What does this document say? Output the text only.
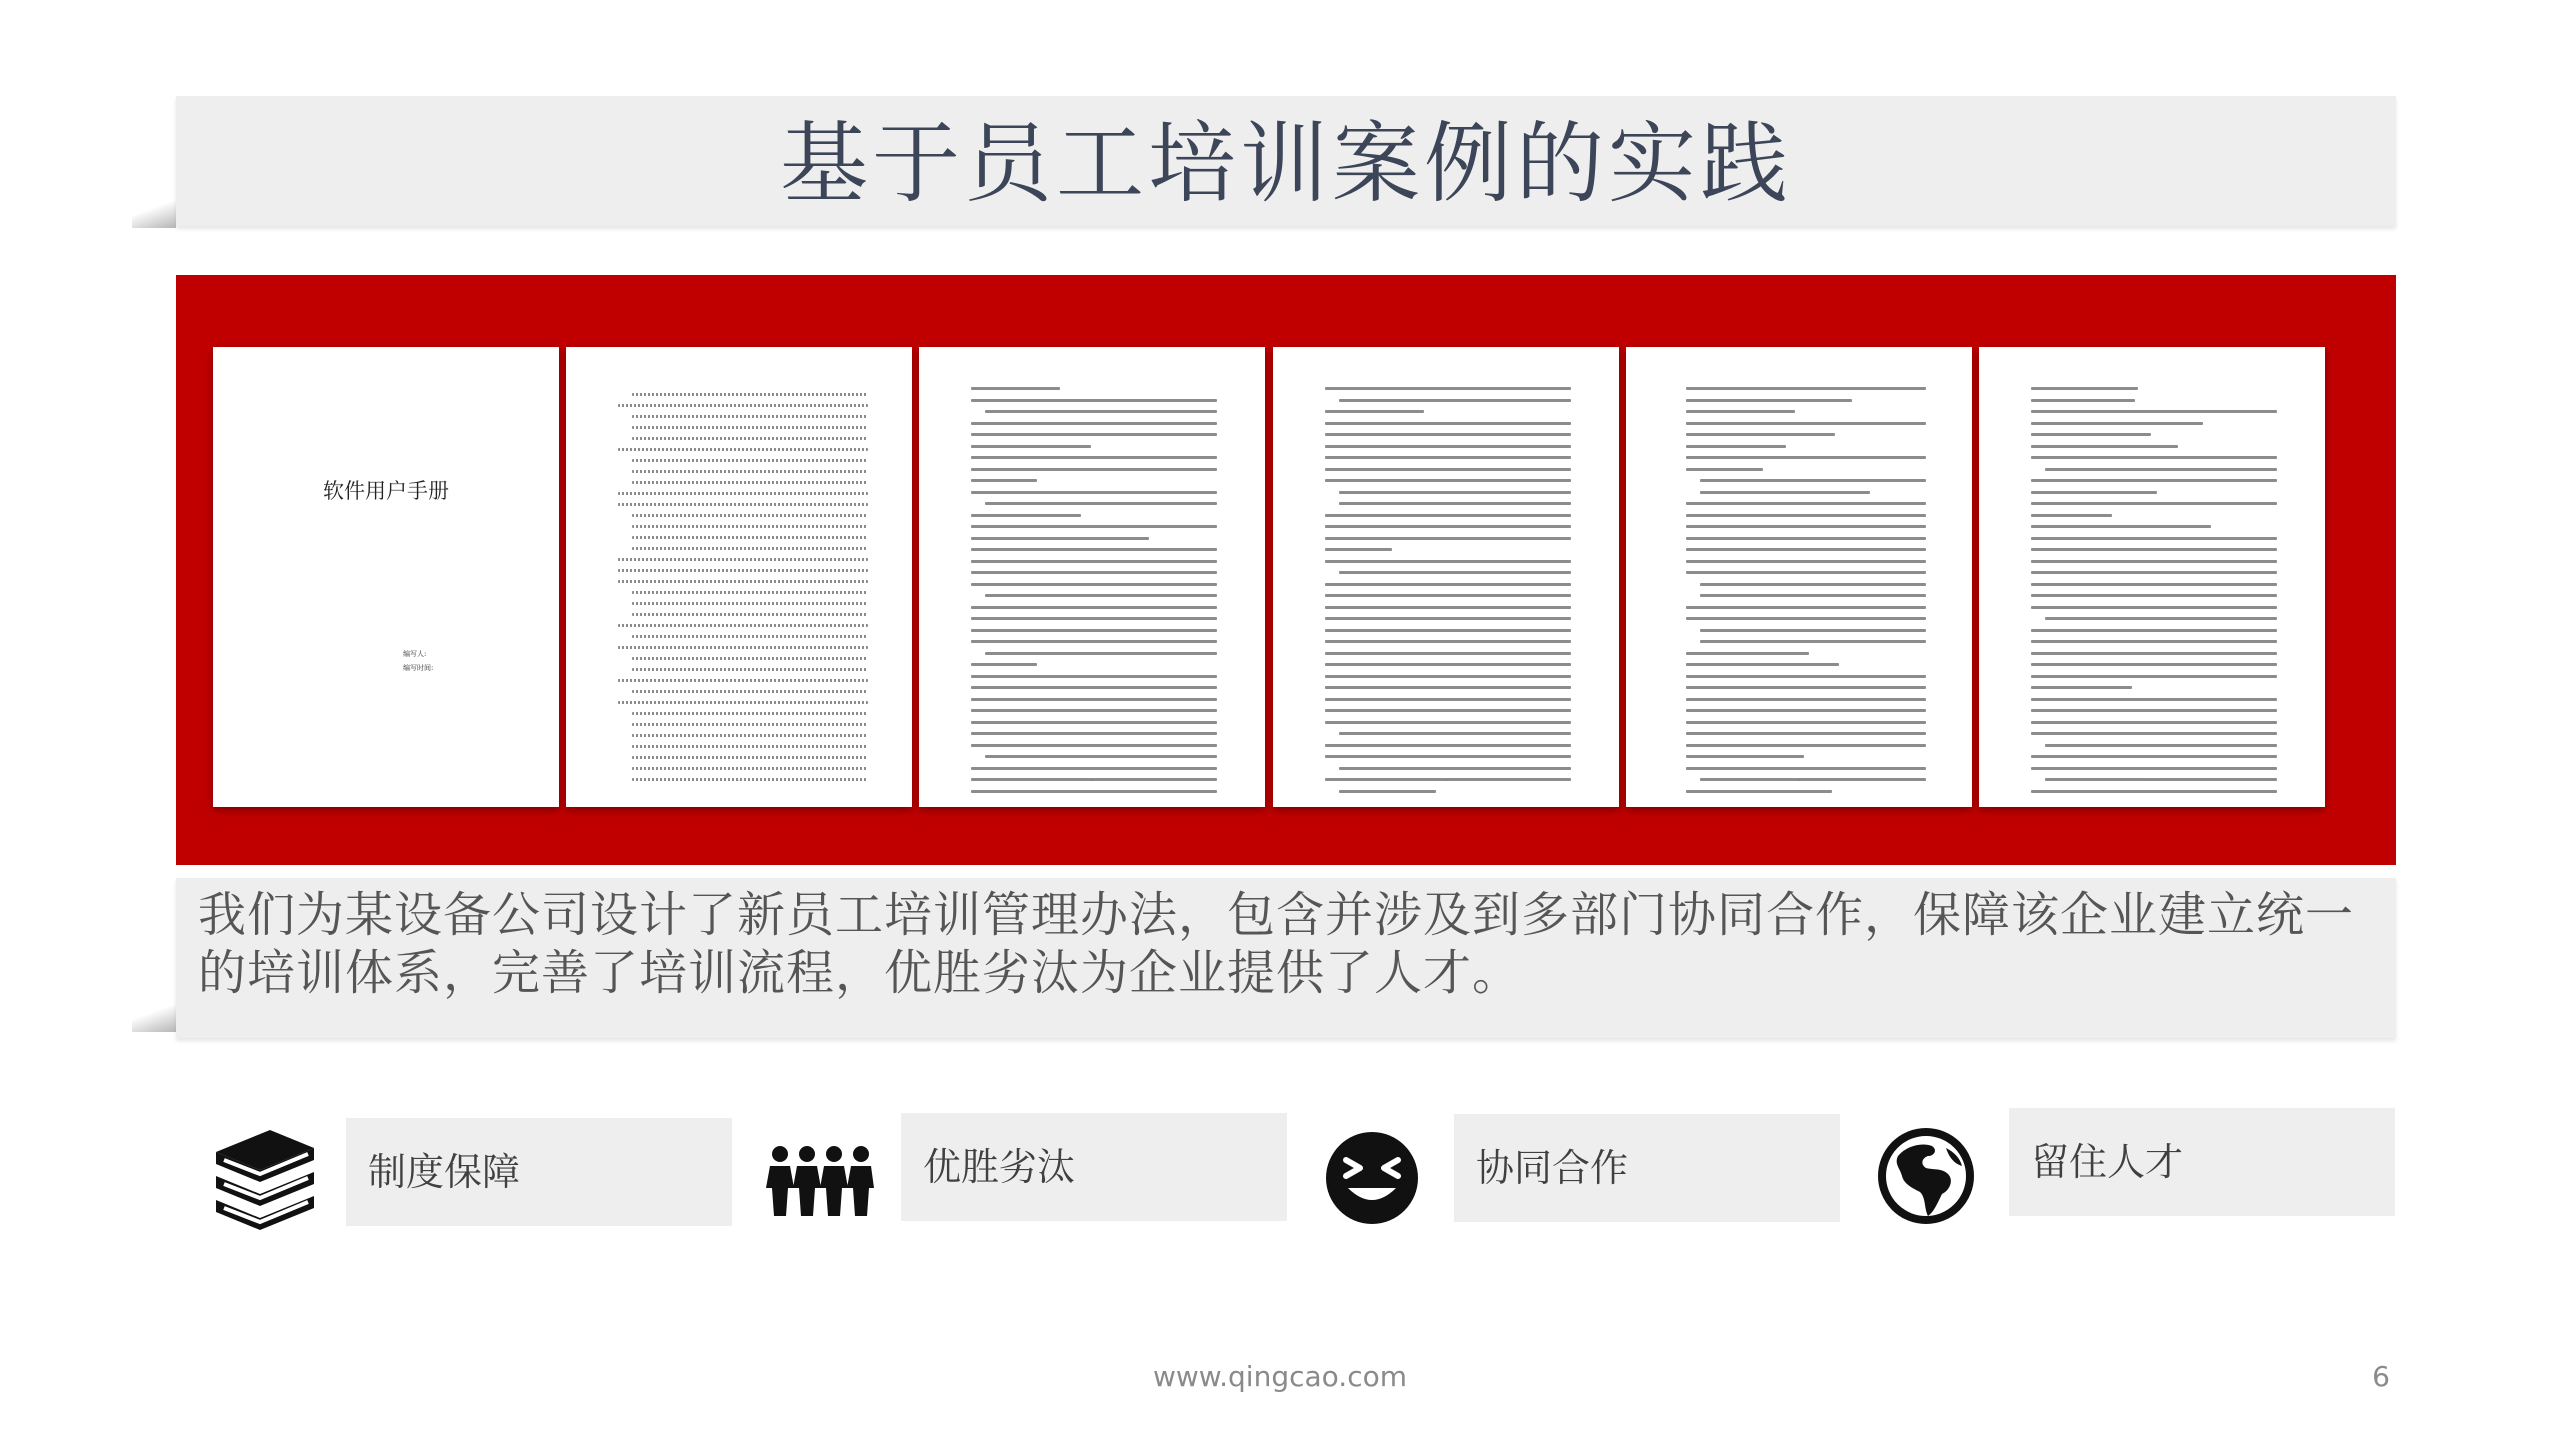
基于员工培训案例的实践
软件用户手册
编写人:
编写时间:
·	·	·	·	·
我们为某设备公司设计了新员工培训管理办法，包含并涉及到多部门协同合作，保障该企业建立统一的培训体系，完善了培训流程，优胜劣汰为企业提供了人才。
制度保障	优胜劣汰	协同合作	留住人才
www.qingcao.com	6
